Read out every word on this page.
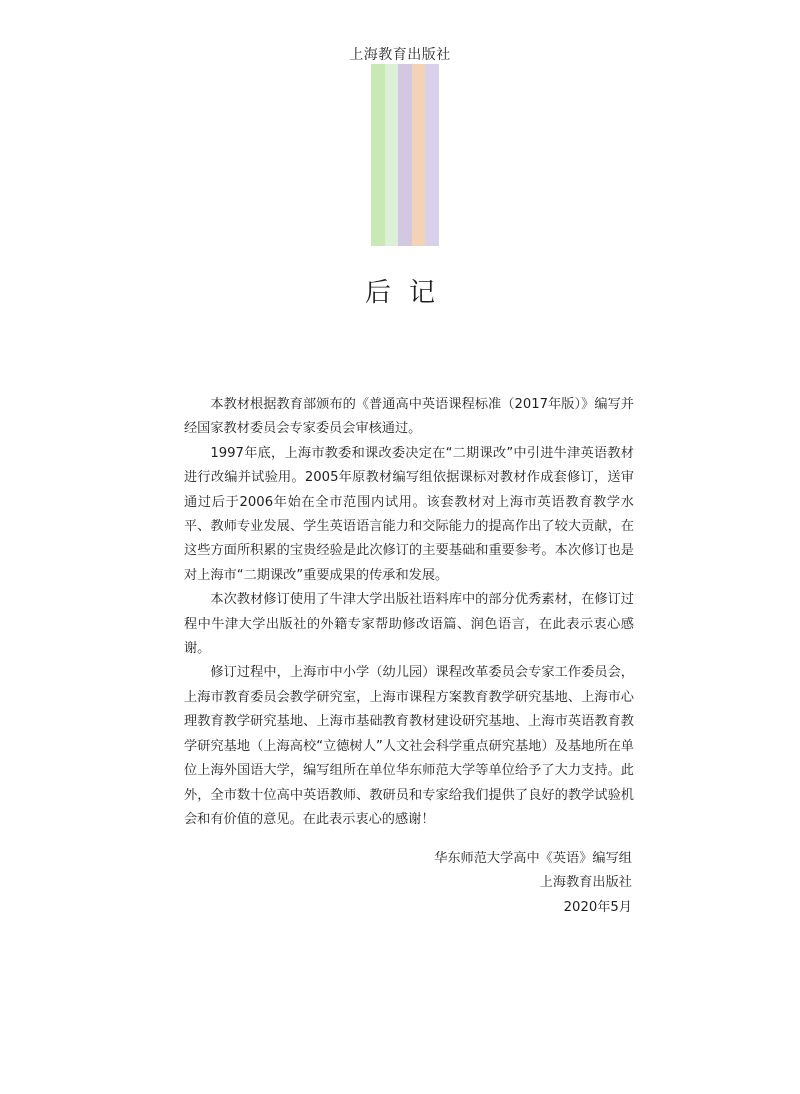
上海教育出版社
后记

本教材根据教育部颁布的《普通高中英语课程标准（2017年版）》编写并经国家教材委员会专家委员会审核通过。

1997年底，上海市教委和课改委决定在“二期课改”中引进牛津英语教材进行改编并试验用。2005年原教材编写组依据课标对教材作成套修订，送审通过后于2006年始在全市范围内试用。该套教材对上海市英语教育教学水平、教师专业发展、学生英语语言能力和交际能力的提高作出了较大贡献，在这些方面所积累的宝贵经验是此次修订的主要基础和重要参考。本次修订也是对上海市“二期课改”重要成果的传承和发展。

本次教材修订使用了牛津大学出版社语料库中的部分优秀素材，在修订过程中牛津大学出版社的外籍专家帮助修改语篇、润色语言，在此表示衷心感谢。

修订过程中，上海市中小学（幼儿园）课程改革委员会专家工作委员会，上海市教育委员会教学研究室，上海市课程方案教育教学研究基地、上海市心理教育教学研究基地、上海市基础教育教材建设研究基地、上海市英语教育教学研究基地（上海高校“立德树人”人文社会科学重点研究基地）及基地所在单位上海外国语大学，编写组所在单位华东师范大学等单位给予了大力支持。此外，全市数十位高中英语教师、教研员和专家给我们提供了良好的教学试验机会和有价值的意见。在此表示衷心的感谢！

华东师范大学高中《英语》编写组
上海教育出版社
2020年5月
